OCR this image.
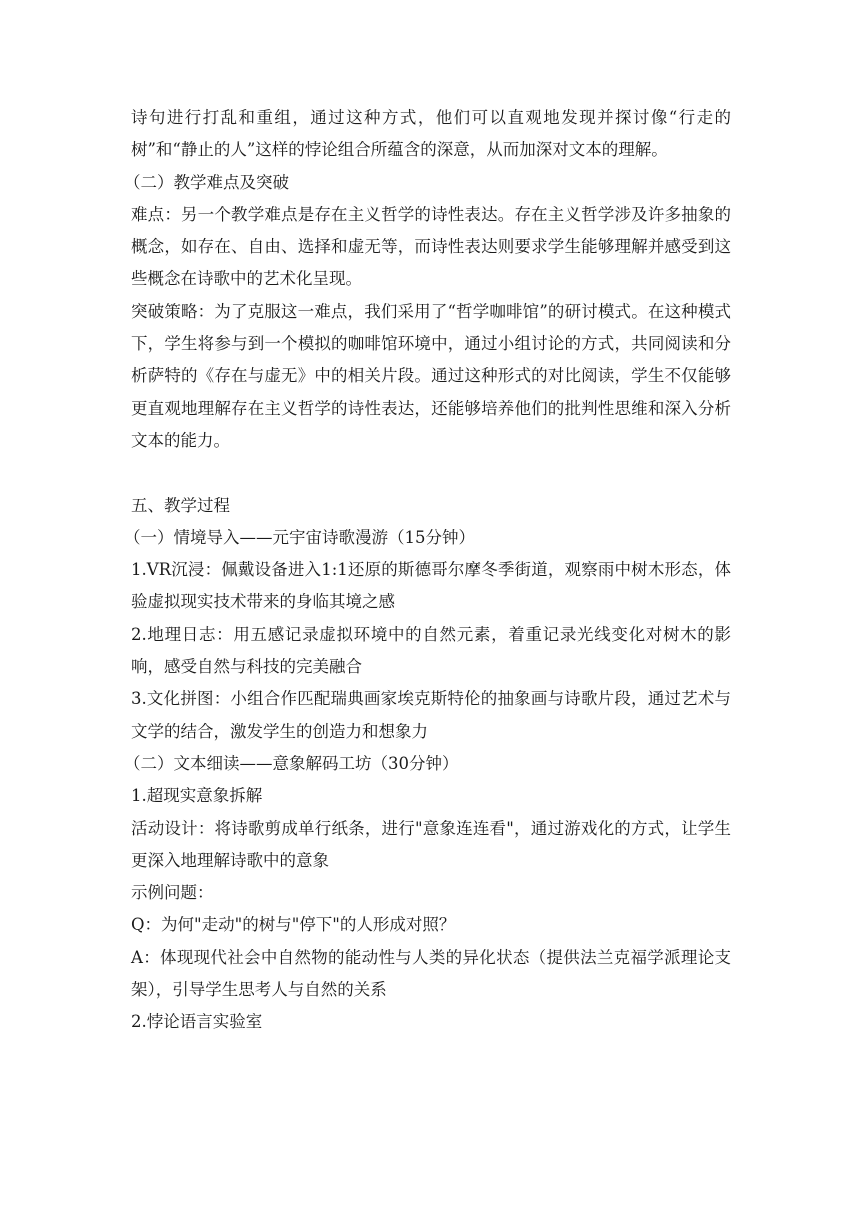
诗句进行打乱和重组，通过这种方式，他们可以直观地发现并探讨像“行走的树”和“静止的人”这样的悖论组合所蕴含的深意，从而加深对文本的理解。

（二）教学难点及突破

难点：另一个教学难点是存在主义哲学的诗性表达。存在主义哲学涉及许多抽象的概念，如存在、自由、选择和虚无等，而诗性表达则要求学生能够理解并感受到这些概念在诗歌中的艺术化呈现。

突破策略：为了克服这一难点，我们采用了“哲学咖啡馆”的研讨模式。在这种模式下，学生将参与到一个模拟的咖啡馆环境中，通过小组讨论的方式，共同阅读和分析萨特的《存在与虚无》中的相关片段。通过这种形式的对比阅读，学生不仅能够更直观地理解存在主义哲学的诗性表达，还能够培养他们的批判性思维和深入分析文本的能力。

五、教学过程

（一）情境导入——元宇宙诗歌漫游（15分钟）

1.VR沉浸：佩戴设备进入1:1还原的斯德哥尔摩冬季街道，观察雨中树木形态，体验虚拟现实技术带来的身临其境之感

2.地理日志：用五感记录虚拟环境中的自然元素，着重记录光线变化对树木的影响，感受自然与科技的完美融合

3.文化拼图：小组合作匹配瑞典画家埃克斯特伦的抽象画与诗歌片段，通过艺术与文学的结合，激发学生的创造力和想象力

（二）文本细读——意象解码工坊（30分钟）

1.超现实意象拆解

活动设计：将诗歌剪成单行纸条，进行"意象连连看"，通过游戏化的方式，让学生更深入地理解诗歌中的意象

示例问题：

Q：为何"走动"的树与"停下"的人形成对照？

A：体现现代社会中自然物的能动性与人类的异化状态（提供法兰克福学派理论支架），引导学生思考人与自然的关系

2.悖论语言实验室
